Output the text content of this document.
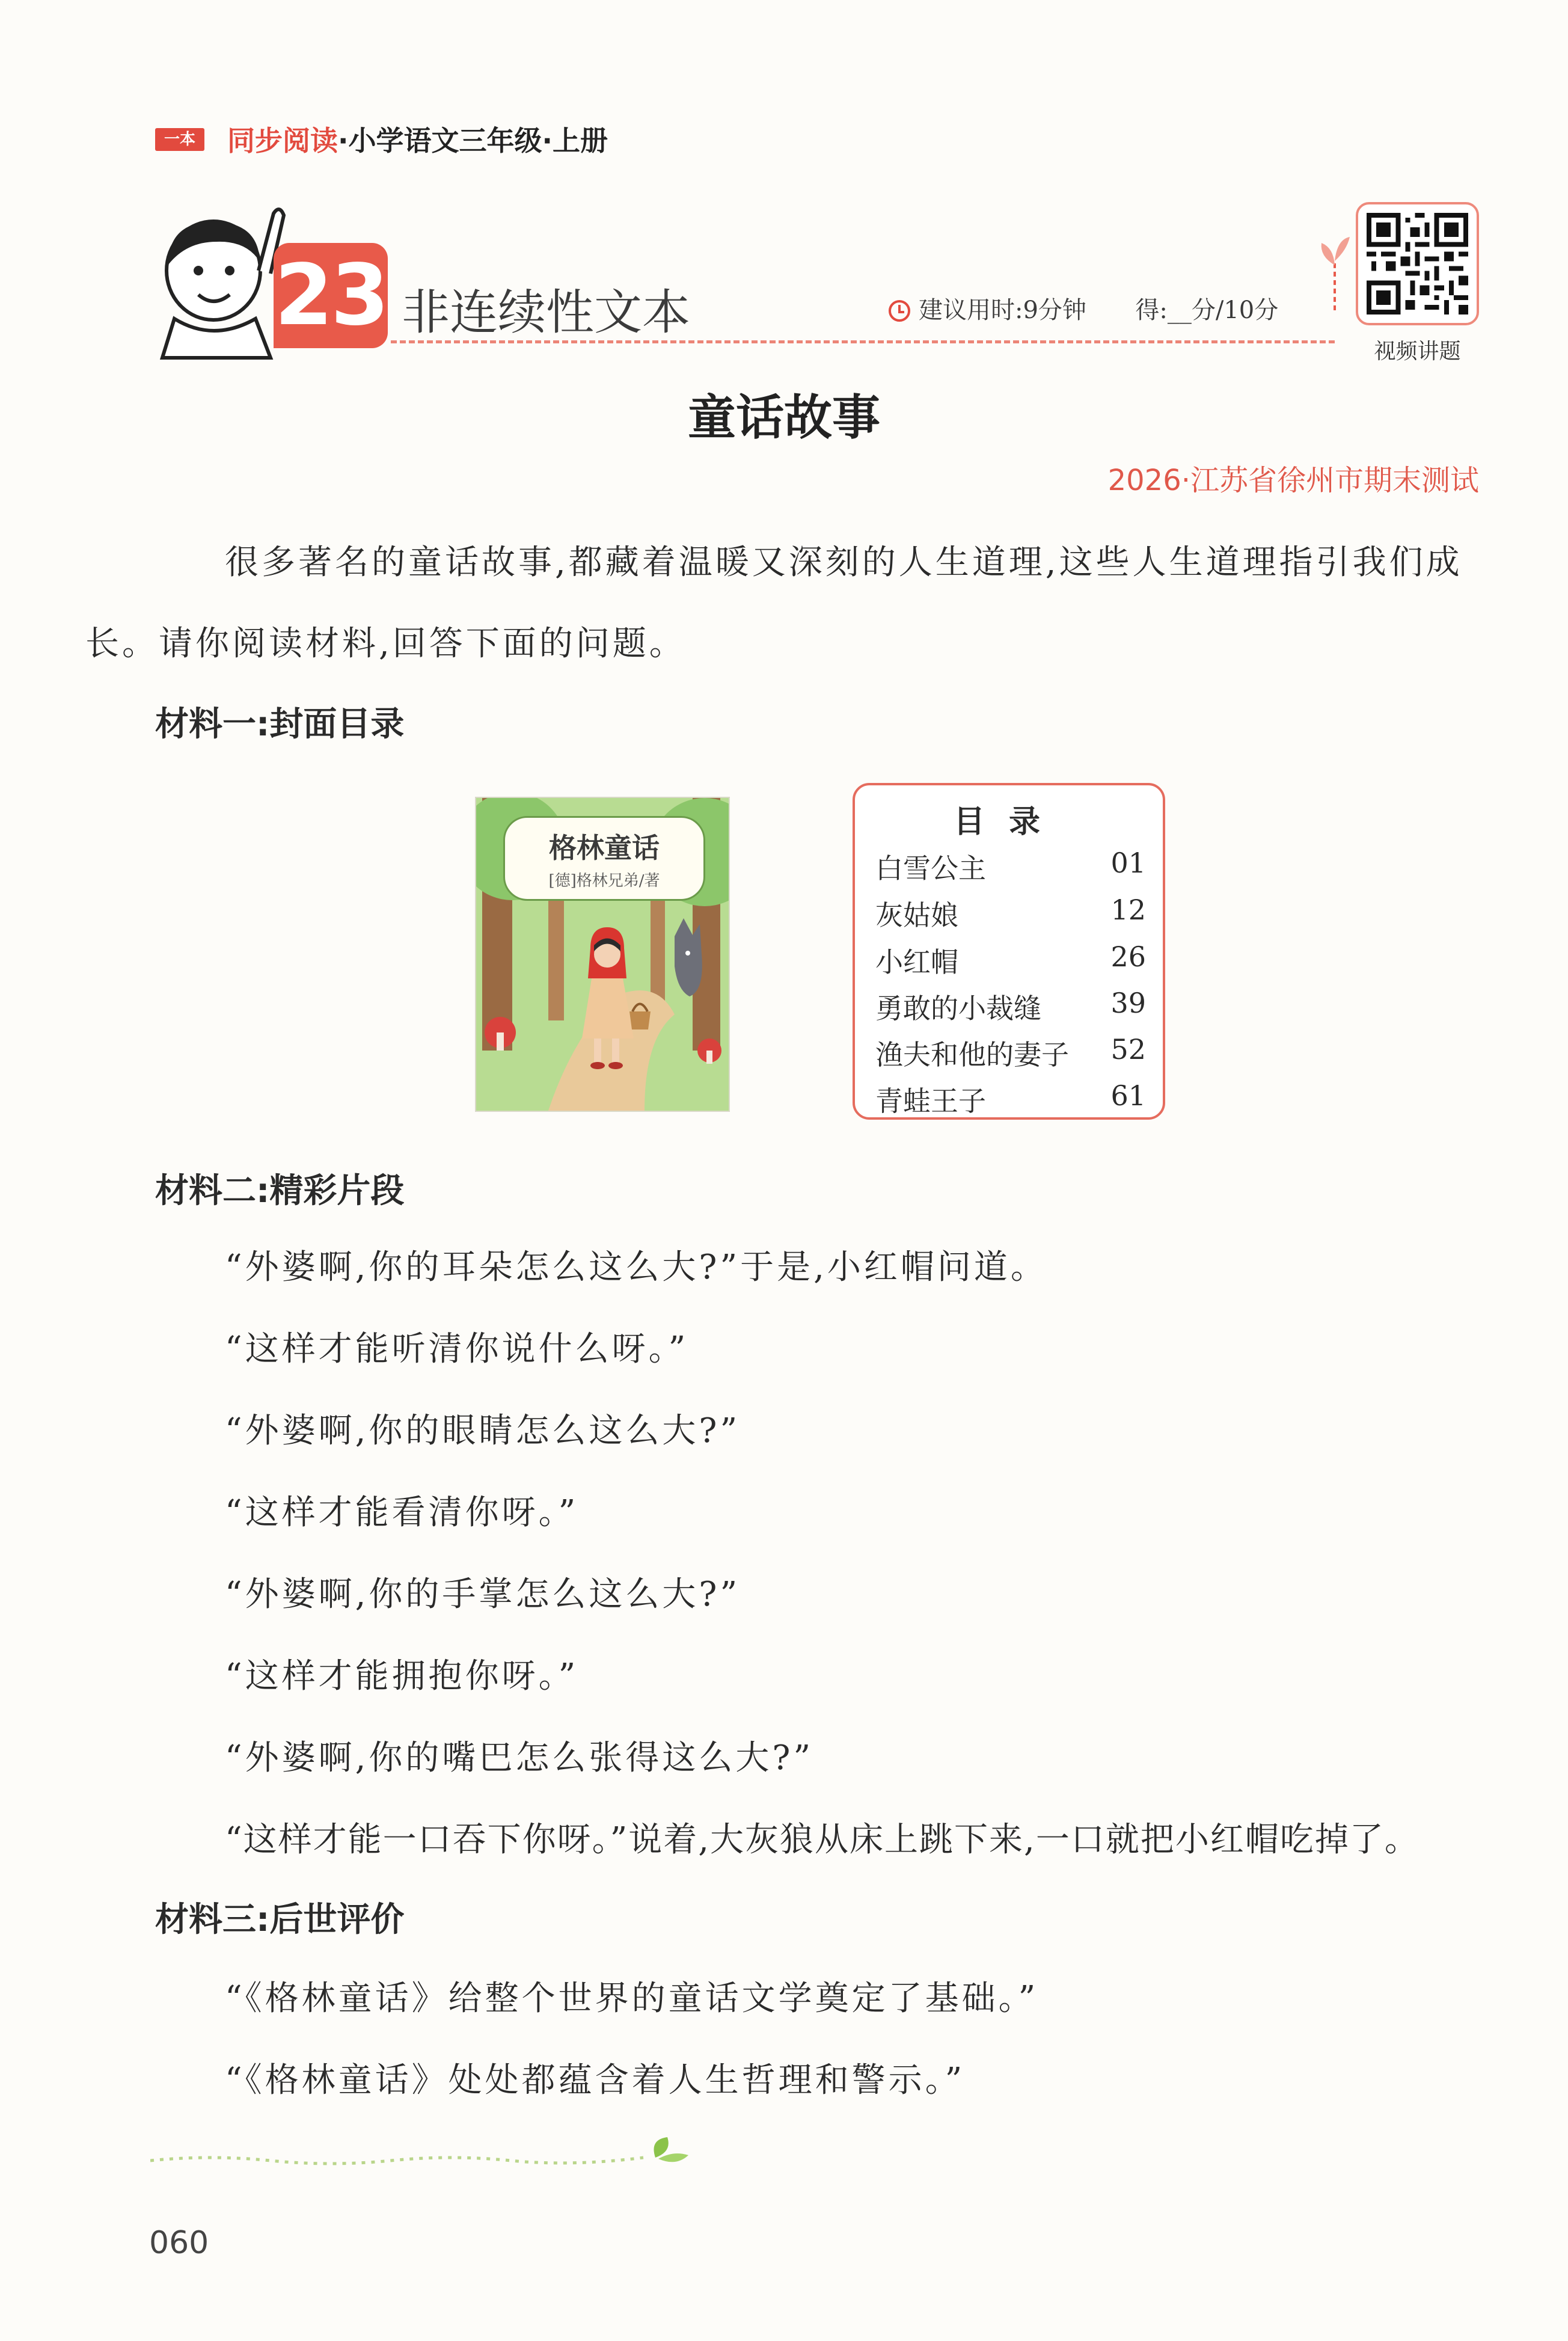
一本	同步阅读·小学语文三年级·上册
23 非连续性文本	建议用时:9分钟 得:__分/10分
视频讲题
童话故事
2026·江苏省徐州市期末测试
很多著名的童话故事,都藏着温暖又深刻的人生道理,这些人生道理指引我们成
长。请你阅读材料,回答下面的问题。
材料一:封面目录
格林童话
[德]格林兄弟/著
目录
白雪公主	01
灰姑娘	12
小红帽	26
勇敢的小裁缝	39
渔夫和他的妻子 52
青蛙王子	61
材料二:精彩片段
“外婆啊,你的耳朵怎么这么大?”于是,小红帽问道。
“这样才能听清你说什么呀。”
“外婆啊,你的眼睛怎么这么大?”
“这样才能看清你呀。”
“外婆啊,你的手掌怎么这么大?”
“这样才能拥抱你呀。”
“外婆啊,你的嘴巴怎么张得这么大?”
“这样才能一口吞下你呀。”说着,大灰狼从床上跳下来,一口就把小红帽吃掉了。
材料三:后世评价
“《格林童话》给整个世界的童话文学奠定了基础。”
“《格林童话》处处都蕴含着人生哲理和警示。”
060
